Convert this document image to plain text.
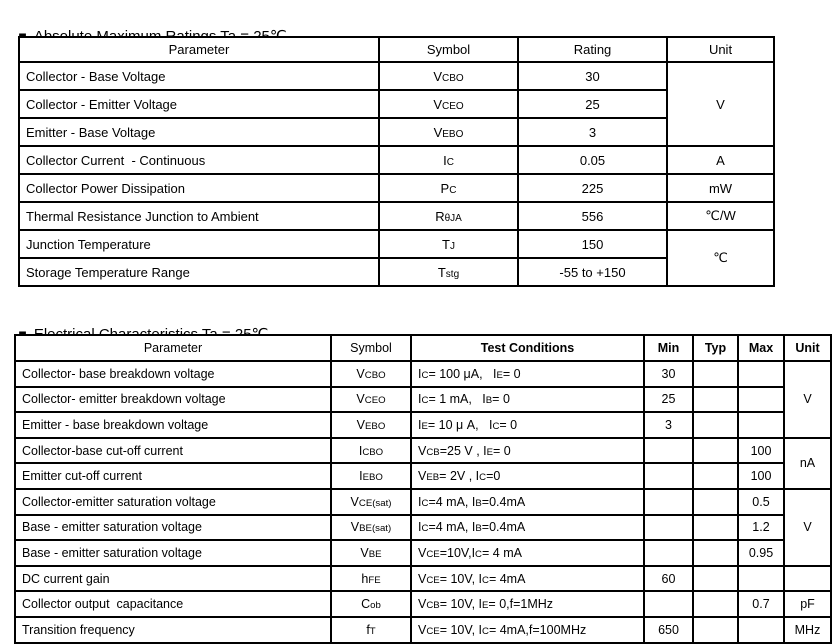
Parameter	Symbol	Rating	Unit
Collector - Base Voltage	VCBO	30	V
Collector - Emitter Voltage	VCEO	25	
Emitter - Base Voltage	VEBO	3	
Collector Current  - Continuous	IC	0.05	A
Collector Power Dissipation	PC	225	mW
Thermal Resistance Junction to Ambient	RθJA	556	℃/W
Junction Temperature	TJ	150	℃
Storage Temperature Range	Tstg	-55 to +150	

Parameter	Symbol	Test Conditions	Min	Typ	Max	Unit
Collector- base breakdown voltage	VCBO	IC= 100 μA,   IE= 0	30			V
Collector- emitter breakdown voltage	VCEO	IC= 1 mA,   IB= 0	25			
Emitter - base breakdown voltage	VEBO	IE= 10 μ A,   IC= 0	3			
Collector-base cut-off current	ICBO	VCB=25 V , IE= 0			100	nA
Emitter cut-off current	IEBO	VEB= 2V , IC=0			100	
Collector-emitter saturation voltage	VCE(sat)	IC=4 mA, IB=0.4mA			0.5	V
Base - emitter saturation voltage	VBE(sat)	IC=4 mA, IB=0.4mA			1.2	
Base - emitter saturation voltage	VBE	VCE=10V,IC= 4 mA			0.95	
DC current gain	hFE	VCE= 10V, IC= 4mA	60			
Collector output  capacitance	Cob	VCB= 10V, IE= 0,f=1MHz			0.7	pF
Transition frequency	fT	VCE= 10V, IC= 4mA,f=100MHz	650			MHz
